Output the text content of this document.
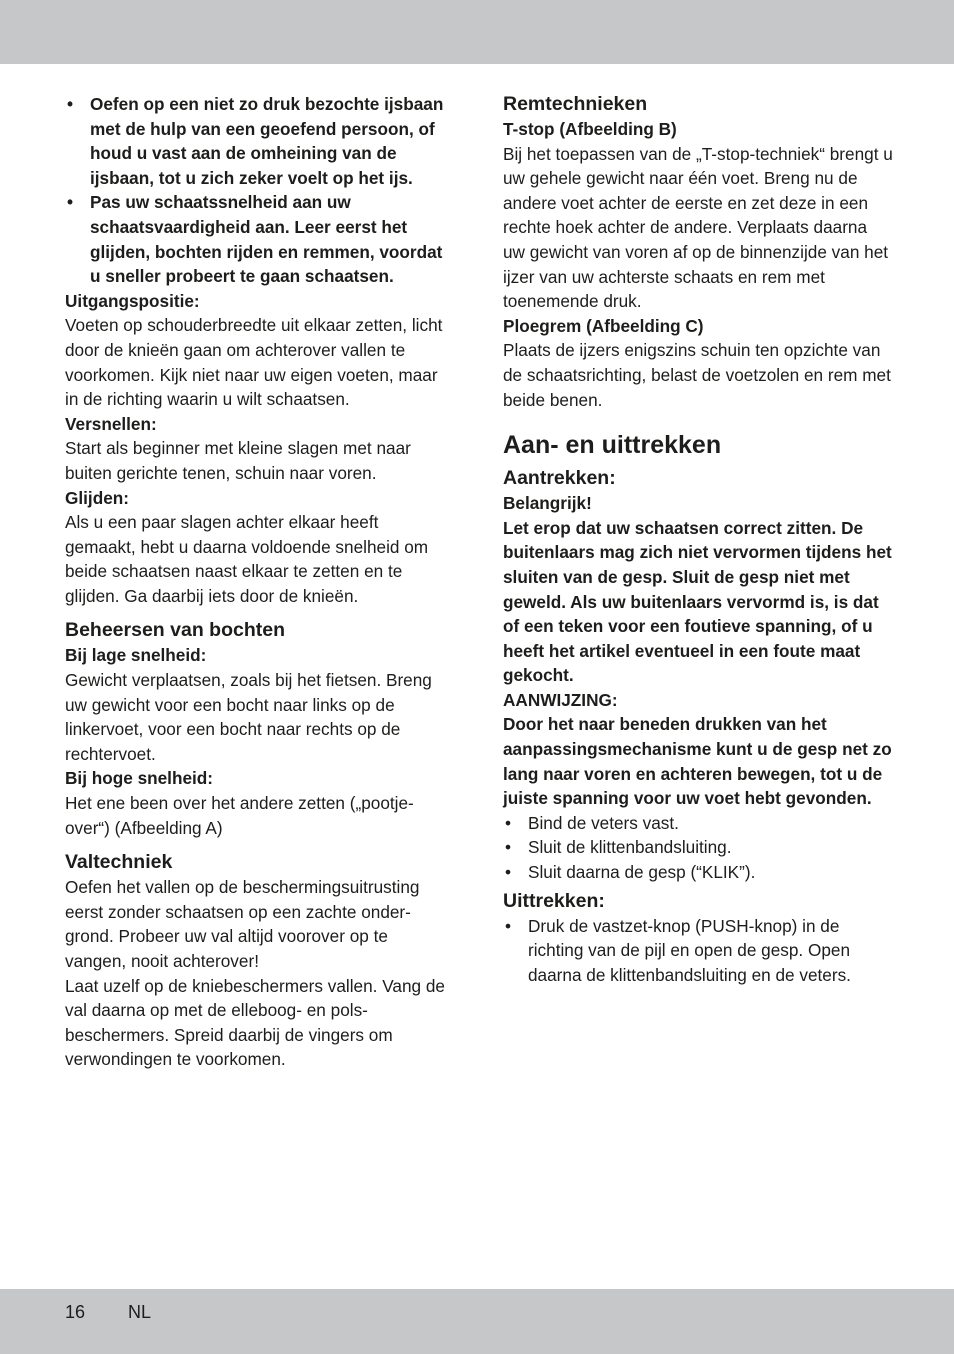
• Oefen op een niet zo druk bezochte ijsbaan met de hulp van een geoefend persoon, of houd u vast aan de omheining van de ijsbaan, tot u zich zeker voelt op het ijs.
• Pas uw schaatssnelheid aan uw schaatsvaardigheid aan. Leer eerst het glijden, bochten rijden en remmen, voordat u sneller probeert te gaan schaatsen.

Uitgangspositie:

Voeten op schouderbreedte uit elkaar zetten, licht door de knieën gaan om achterover vallen te voorkomen. Kijk niet naar uw eigen voeten, maar in de richting waarin u wilt schaatsen.

Versnellen:

Start als beginner met kleine slagen met naar buiten gerichte tenen, schuin naar voren.

Glijden:

Als u een paar slagen achter elkaar heeft gemaakt, hebt u daarna voldoende snelheid om beide schaatsen naast elkaar te zetten en te glijden. Ga daarbij iets door de knieën.

Beheersen van bochten

Bij lage snelheid:

Gewicht verplaatsen, zoals bij het fietsen. Breng uw gewicht voor een bocht naar links op de linkervoet, voor een bocht naar rechts op de rechtervoet.

Bij hoge snelheid:

Het ene been over het andere zetten („pootje-over“) (Afbeelding A)

Valtechniek

Oefen het vallen op de beschermingsuitrusting eerst zonder schaatsen op een zachte ondergrond. Probeer uw val altijd voorover op te vangen, nooit achterover!

Laat uzelf op de kniebeschermers vallen. Vang de val daarna op met de elleboog- en polsbeschermers. Spreid daarbij de vingers om verwondingen te voorkomen.

Remtechnieken

T-stop (Afbeelding B)

Bij het toepassen van de „T-stop-techniek“ brengt u uw gehele gewicht naar één voet. Breng nu de andere voet achter de eerste en zet deze in een rechte hoek achter de andere. Verplaats daarna uw gewicht van voren af op de binnenzijde van het ijzer van uw achterste schaats en rem met toenemende druk.

Ploegrem (Afbeelding C)

Plaats de ijzers enigszins schuin ten opzichte van de schaatsrichting, belast de voetzolen en rem met beide benen.

Aan- en uittrekken

Aantrekken:

Belangrijk!

Let erop dat uw schaatsen correct zitten. De buitenlaars mag zich niet vervormen tijdens het sluiten van de gesp. Sluit de gesp niet met geweld. Als uw buitenlaars vervormd is, is dat of een teken voor een foutieve spanning, of u heeft het artikel eventueel in een foute maat gekocht.

AANWIJZING:

Door het naar beneden drukken van het aanpassingsmechanisme kunt u de gesp net zo lang naar voren en achteren bewegen, tot u de juiste spanning voor uw voet hebt gevonden.

• Bind de veters vast.
• Sluit de klittenbandsluiting.
• Sluit daarna de gesp (“KLIK”).

Uittrekken:

• Druk de vastzet-knop (PUSH-knop) in de richting van de pijl en open de gesp. Open daarna de klittenbandsluiting en de veters.
16 NL
